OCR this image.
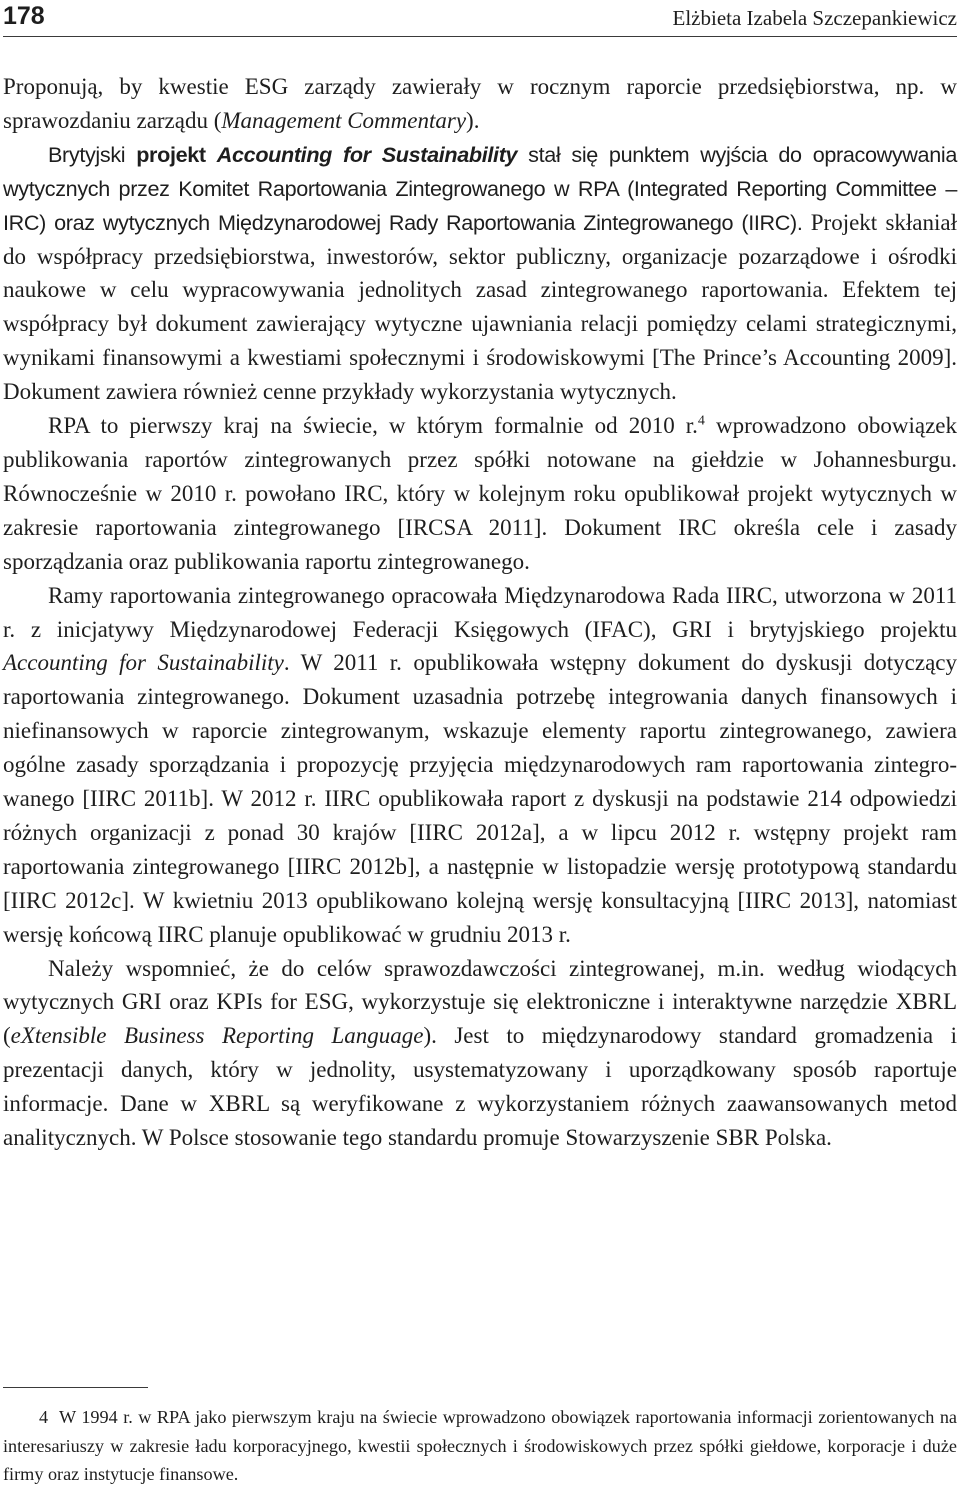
178	Elżbieta Izabela Szczepankiewicz

Proponują, by kwestie ESG zarządy zawierały w rocznym raporcie przedsiębiorstwa, np. w sprawozdaniu zarządu (Management Commentary).

Brytyjski projekt Accounting for Sustainability stał się punktem wyjścia do opracowywania wytycznych przez Komitet Raportowania Zintegrowanego w RPA (Integrated Reporting Committee – IRC) oraz wytycznych Międzynarodowej Rady Raportowania Zintegrowanego (IIRC). Projekt skłaniał do współpracy przedsiębiorstwa, inwestorów, sektor publiczny, organizacje pozarządowe i ośrodki naukowe w celu wypracowywania jednolitych zasad zintegrowanego raportowania. Efektem tej współpracy był dokument zawierający wytyczne ujawniania relacji pomiędzy celami strategicznymi, wynikami finansowymi a kwestiami społecznymi i środowiskowymi [The Prince’s Accounting 2009]. Dokument zawiera również cenne przykłady wykorzystania wytycznych.

RPA to pierwszy kraj na świecie, w którym formalnie od 2010 r.$^4$ wprowadzono obowiązek publikowania raportów zintegrowanych przez spółki notowane na giełdzie w Johannesburgu. Równocześnie w 2010 r. powołano IRC, który w kolejnym roku opublikował projekt wytycznych w zakresie raportowania zintegrowanego [IRCSA 2011]. Dokument IRC określa cele i zasady sporządzania oraz publikowania raportu zintegrowanego.

Ramy raportowania zintegrowanego opracowała Międzynarodowa Rada IIRC, utworzona w 2011 r. z inicjatywy Międzynarodowej Federacji Księgowych (IFAC), GRI i brytyjskiego projektu Accounting for Sustainability. W 2011 r. opublikowała wstępny dokument do dyskusji dotyczący raportowania zintegrowanego. Dokument uzasadnia potrzebę integrowania danych finansowych i niefinansowych w raporcie zintegrowanym, wskazuje elementy raportu zintegrowanego, zawiera ogólne zasady sporządzania i propozycję przyjęcia międzynarodowych ram raportowania zintegrowanego [IIRC 2011b]. W 2012 r. IIRC opublikowała raport z dyskusji na podstawie 214 odpowiedzi różnych organizacji z ponad 30 krajów [IIRC 2012a], a w lipcu 2012 r. wstępny projekt ram raportowania zintegrowanego [IIRC 2012b], a następnie w listopadzie wersję prototypową standardu [IIRC 2012c]. W kwietniu 2013 opublikowano kolejną wersję konsultacyjną [IIRC 2013], natomiast wersję końcową IIRC planuje opublikować w grudniu 2013 r.

Należy wspomnieć, że do celów sprawozdawczości zintegrowanej, m.in. według wiodących wytycznych GRI oraz KPIs for ESG, wykorzystuje się elektroniczne i interaktywne narzędzie XBRL (eXtensible Business Reporting Language). Jest to międzynarodowy standard gromadzenia i prezentacji danych, który w jednolity, usystematyzowany i uporządkowany sposób raportuje informacje. Dane w XBRL są weryfikowane z wykorzystaniem różnych zaawansowanych metod analitycznych. W Polsce stosowanie tego standardu promuje Stowarzyszenie SBR Polska.

4 W 1994 r. w RPA jako pierwszym kraju na świecie wprowadzono obowiązek raportowania informacji zorientowanych na interesariuszy w zakresie ładu korporacyjnego, kwestii społecznych i środowiskowych przez spółki giełdowe, korporacje i duże firmy oraz instytucje finansowe.
